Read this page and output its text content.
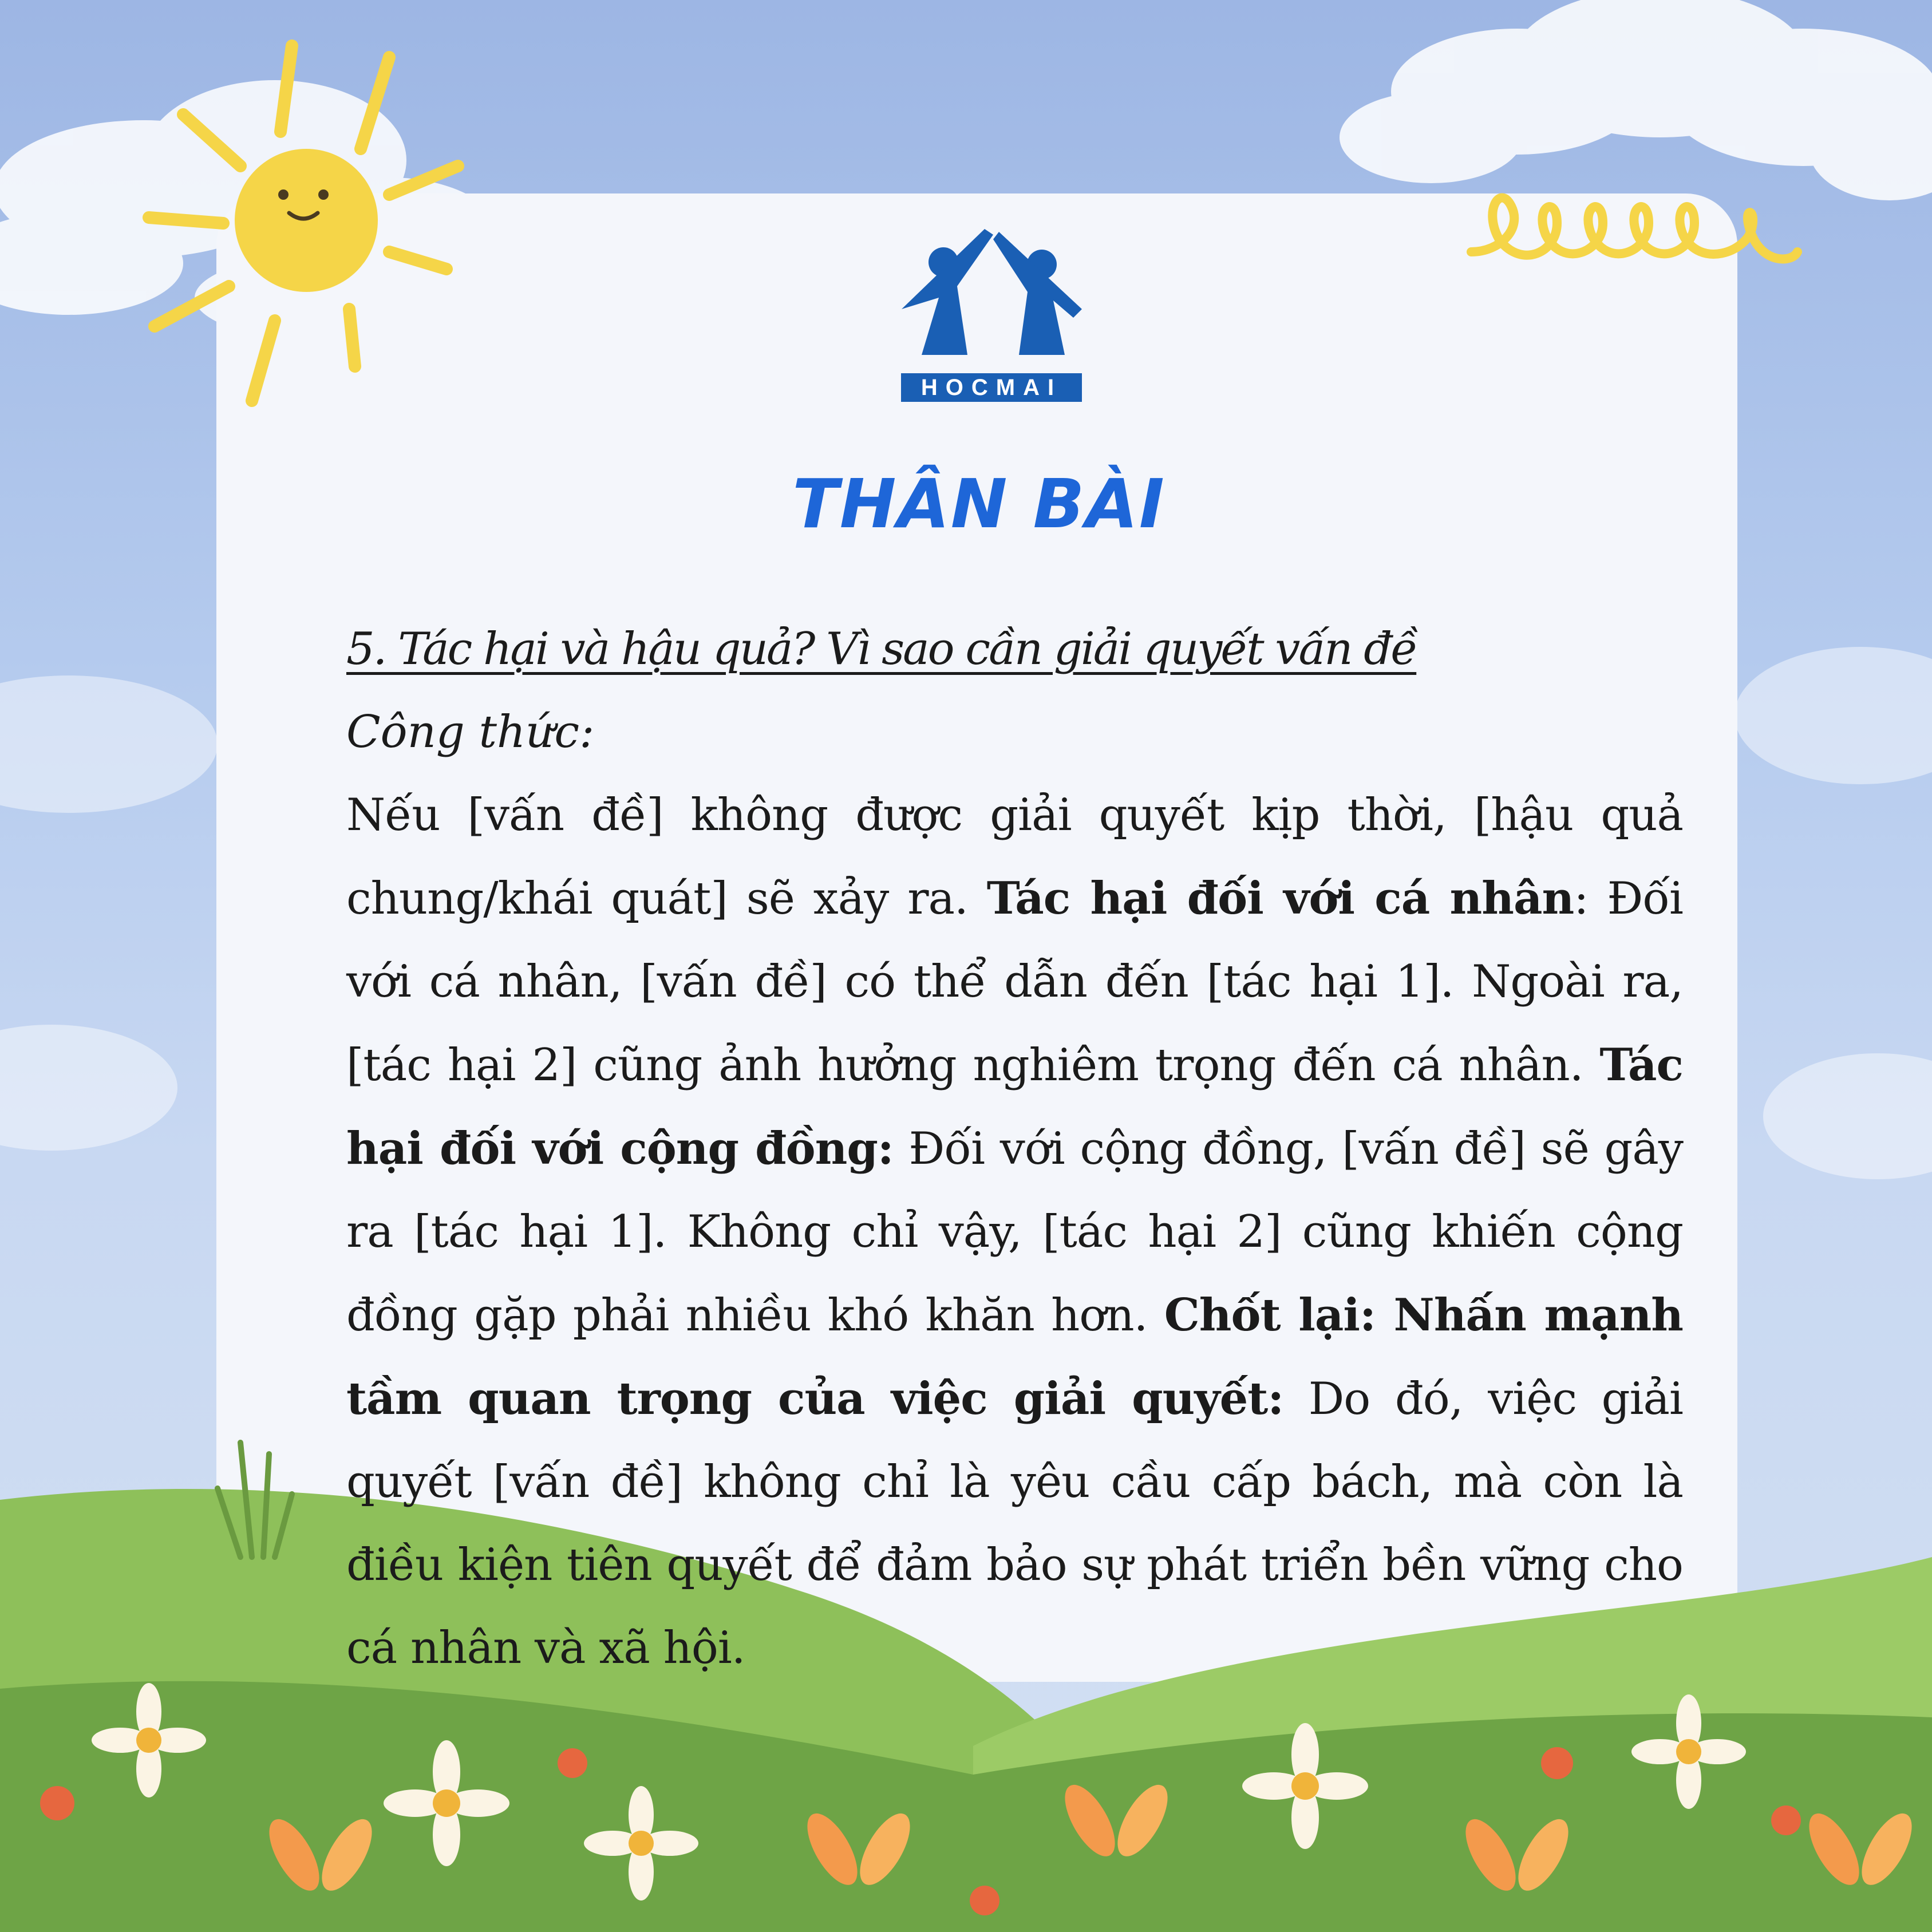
HOCMAI
THÂN BÀI
5. Tác hại và hậu quả? Vì sao cần giải quyết vấn đề
Công thức:
Nếu [vấn đề] không được giải quyết kịp thời, [hậu quả chung/khái quát] sẽ xảy ra. Tác hại đối với cá nhân: Đối với cá nhân, [vấn đề] có thể dẫn đến [tác hại 1]. Ngoài ra, [tác hại 2] cũng ảnh hưởng nghiêm trọng đến cá nhân. Tác hại đối với cộng đồng: Đối với cộng đồng, [vấn đề] sẽ gây ra [tác hại 1]. Không chỉ vậy, [tác hại 2] cũng khiến cộng đồng gặp phải nhiều khó khăn hơn. Chốt lại: Nhấn mạnh tầm quan trọng của việc giải quyết: Do đó, việc giải quyết [vấn đề] không chỉ là yêu cầu cấp bách, mà còn là điều kiện tiên quyết để đảm bảo sự phát triển bền vững cho cá nhân và xã hội.
